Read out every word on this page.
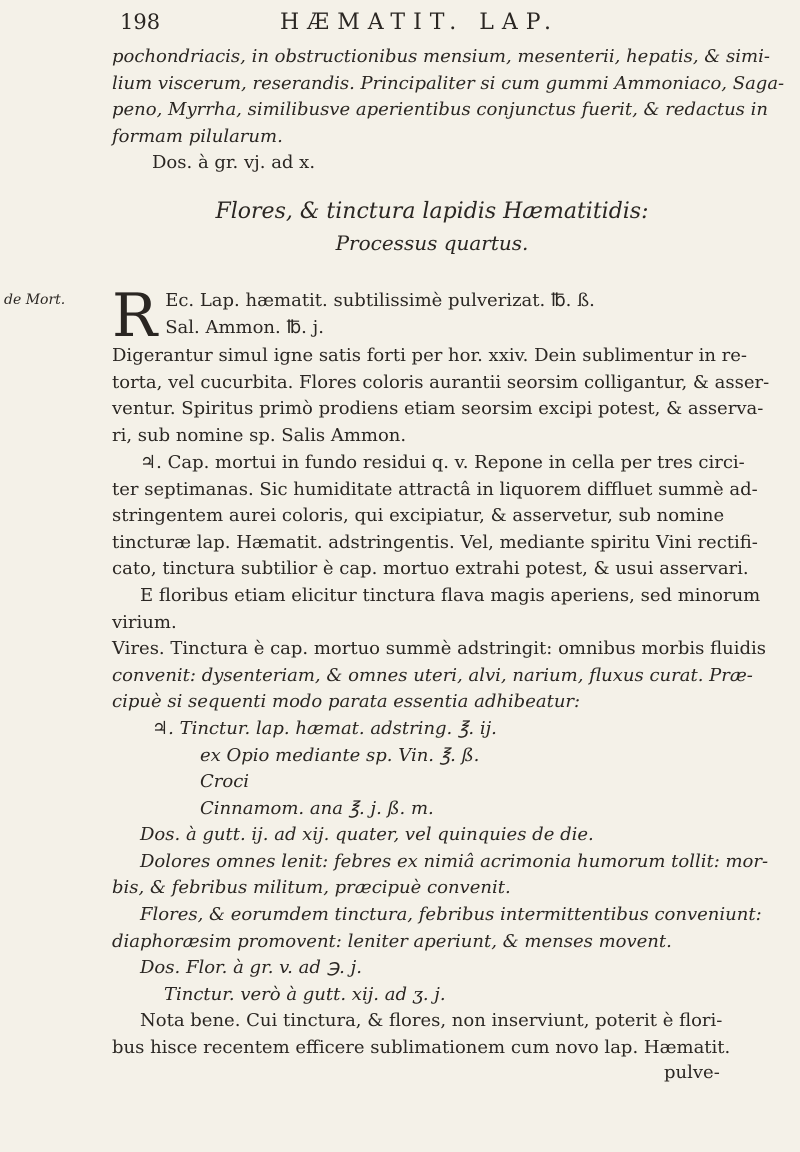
198	HÆMATIT. LAP.
de Mort.

pochondriacis, in obstructionibus mensium, mesenterii, hepatis, & simi-

lium viscerum, reserandis. Principaliter si cum gummi Ammoniaco, Saga-

peno, Myrrha, similibusve aperientibus conjunctus fuerit, & redactus in

formam pilularum.

Dos. à gr. vj. ad x.

Flores, & tinctura lapidis Hæmatitidis:

Processus quartus.

R Ec. Lap. hæmatit. subtilissimè pulverizat. ℔. ß.

Sal. Ammon. ℔. j.

Digerantur simul igne satis forti per hor. xxiv. Dein sublimentur in re-

torta, vel cucurbita. Flores coloris aurantii seorsim colligantur, & asser-

ventur. Spiritus primò prodiens etiam seorsim excipi potest, & asserva-

ri, sub nomine sp. Salis Ammon.

♃. Cap. mortui in fundo residui q. v. Repone in cella per tres circi-

ter septimanas. Sic humiditate attractâ in liquorem diffluet summè ad-

stringentem aurei coloris, qui excipiatur, & asservetur, sub nomine

tincturæ lap. Hæmatit. adstringentis. Vel, mediante spiritu Vini rectifi-

cato, tinctura subtilior è cap. mortuo extrahi potest, & usui asservari.

E floribus etiam elicitur tinctura flava magis aperiens, sed minorum

virium.

Vires. Tinctura è cap. mortuo summè adstringit: omnibus morbis fluidis

convenit: dysenteriam, & omnes uteri, alvi, narium, fluxus curat. Præ-

cipuè si sequenti modo parata essentia adhibeatur:

♃. Tinctur. lap. hæmat. adstring. ℥. ij.

ex Opio mediante sp. Vin. ℥. ß.

Croci

Cinnamom. ana ℥. j. ß. m.

Dos. à gutt. ij. ad xij. quater, vel quinquies de die.

Dolores omnes lenit: febres ex nimiâ acrimonia humorum tollit: mor-

bis, & febribus militum, præcipuè convenit.

Flores, & eorumdem tinctura, febribus intermittentibus conveniunt:

diaphoræsim promovent: leniter aperiunt, & menses movent.

Dos. Flor. à gr. v. ad ℈. j.

Tinctur. verò à gutt. xij. ad ʒ. j.

Nota bene. Cui tinctura, & flores, non inserviunt, poterit è flori-

bus hisce recentem efficere sublimationem cum novo lap. Hæmatit.

pulve-
